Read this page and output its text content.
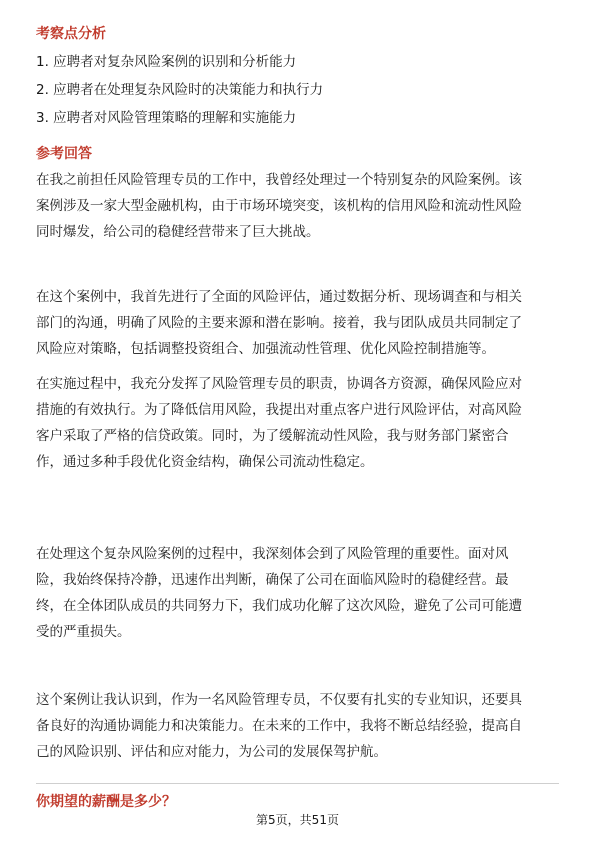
考察点分析
1. 应聘者对复杂风险案例的识别和分析能力
2. 应聘者在处理复杂风险时的决策能力和执行力
3. 应聘者对风险管理策略的理解和实施能力
参考回答
在我之前担任风险管理专员的工作中，我曾经处理过一个特别复杂的风险案例。该
案例涉及一家大型金融机构，由于市场环境突变，该机构的信用风险和流动性风险
同时爆发，给公司的稳健经营带来了巨大挑战。
在这个案例中，我首先进行了全面的风险评估，通过数据分析、现场调查和与相关
部门的沟通，明确了风险的主要来源和潜在影响。接着，我与团队成员共同制定了
风险应对策略，包括调整投资组合、加强流动性管理、优化风险控制措施等。
在实施过程中，我充分发挥了风险管理专员的职责，协调各方资源，确保风险应对
措施的有效执行。为了降低信用风险，我提出对重点客户进行风险评估，对高风险
客户采取了严格的信贷政策。同时，为了缓解流动性风险，我与财务部门紧密合
作，通过多种手段优化资金结构，确保公司流动性稳定。
在处理这个复杂风险案例的过程中，我深刻体会到了风险管理的重要性。面对风
险，我始终保持冷静，迅速作出判断，确保了公司在面临风险时的稳健经营。最
终，在全体团队成员的共同努力下，我们成功化解了这次风险，避免了公司可能遭
受的严重损失。
这个案例让我认识到，作为一名风险管理专员，不仅要有扎实的专业知识，还要具
备良好的沟通协调能力和决策能力。在未来的工作中，我将不断总结经验，提高自
己的风险识别、评估和应对能力，为公司的发展保驾护航。
你期望的薪酬是多少？
第5页，共51页
